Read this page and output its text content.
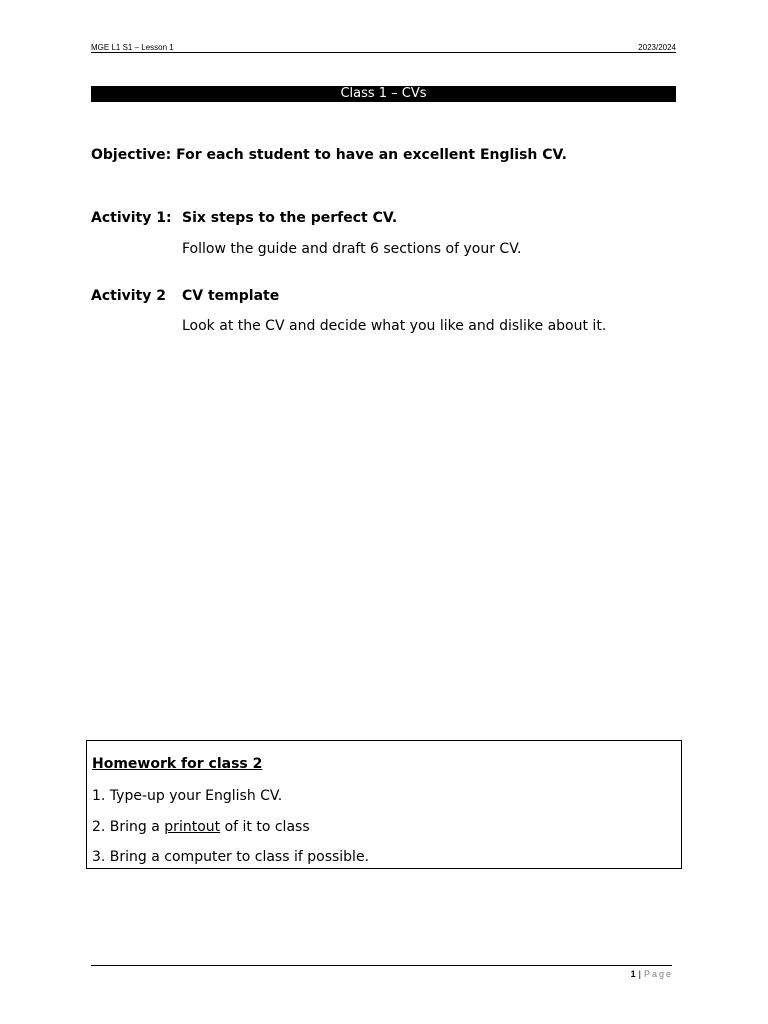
MGE L1 S1 – Lesson 1	2023/2024
Class 1 – CVs
Objective: For each student to have an excellent English CV.
Activity 1: Six steps to the perfect CV.
Follow the guide and draft 6 sections of your CV.
Activity 2 CV template
Look at the CV and decide what you like and dislike about it.
Homework for class 2
1. Type-up your English CV.
2. Bring a printout of it to class
3. Bring a computer to class if possible.
1 | Page
